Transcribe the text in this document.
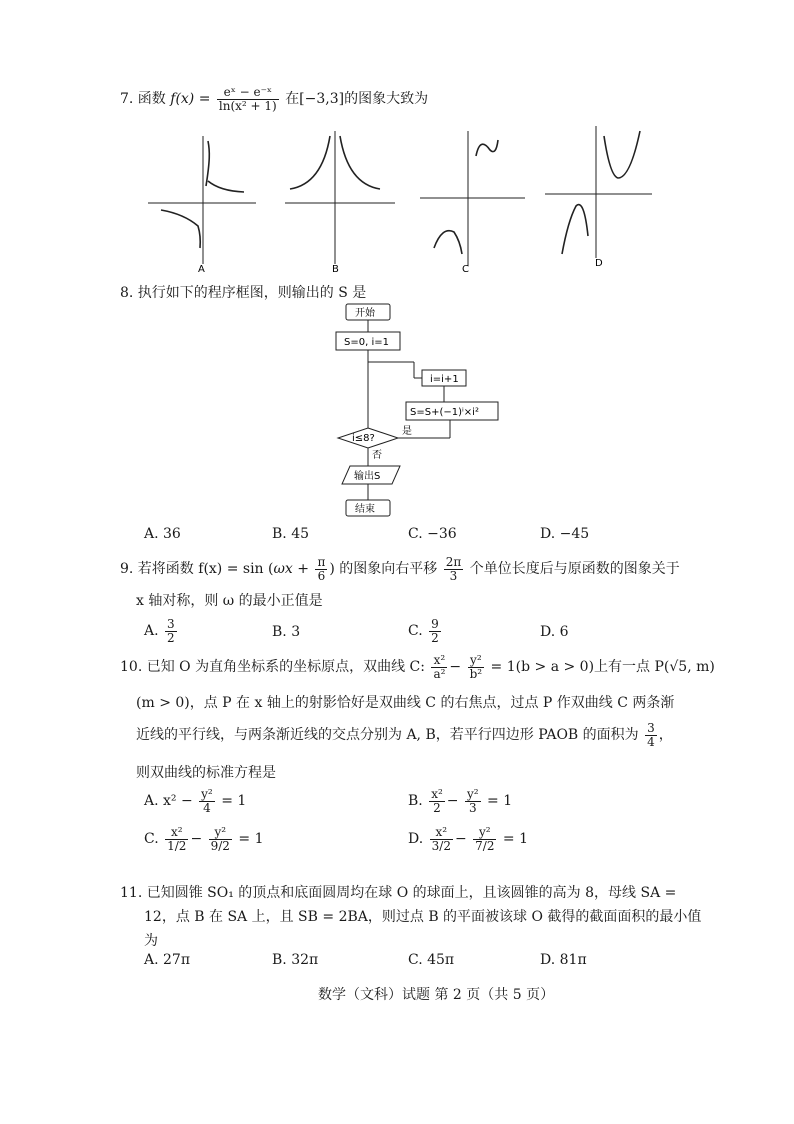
7. 函数 $f(x) = \frac{\text{eˣ − e⁻ˣ}}{\text{ln(x² + 1)}}$ 在[−3,3]的图象大致为
A	B	C
D
8. 执行如下的程序框图，则输出的 S 是
开始
S=0, i=1
i=i+1
S=S+(−1)ⁱ×i²
i≤8?
是
否
输出S
结束
A. 36	B. 45	C. −36	D. −45
9. 若将函数 $f(x) = \sin (\omega x + \frac{\pi}{6}$ ) 的图象向右平移 $\frac{2\pi}{3}$ 个单位长度后与原函数的图象关于
x 轴对称，则 ω 的最小正值是
A. $\frac{3}{2}$	B. 3	C. $\frac{9}{2}$	D. 6
10. 已知 O 为直角坐标系的坐标原点，双曲线 C: $\frac{\text{x²}}{\text{a²}} - \frac{\text{y²}}{\text{b²}} = 1(b > a > 0)$上有一点 P(√5, m)
(m > 0)，点 P 在 x 轴上的射影恰好是双曲线 C 的右焦点，过点 P 作双曲线 C 两条渐
近线的平行线，与两条渐近线的交点分别为 A, B，若平行四边形 PAOB 的面积为 $\frac{3}{4}$ ，
则双曲线的标准方程是
A. $x^2 - \frac{\text{y²}}{4} = 1$	B. $\frac{\text{x²}}{2} - \frac{\text{y²}}{3} = 1$
C. $\frac{\text{x²}}{1/2} - \frac{\text{y²}}{9/2} = 1$	D. $\frac{\text{x²}}{3/2} - \frac{\text{y²}}{7/2} = 1$
11. 已知圆锥 SO₁ 的顶点和底面圆周均在球 O 的球面上，且该圆锥的高为 8，母线 SA =
12，点 B 在 SA 上，且 SB = 2BA，则过点 B 的平面被该球 O 截得的截面面积的最小值
为
A. 27π	B. 32π	C. 45π	D. 81π
数学（文科）试题 第 2 页（共 5 页）
